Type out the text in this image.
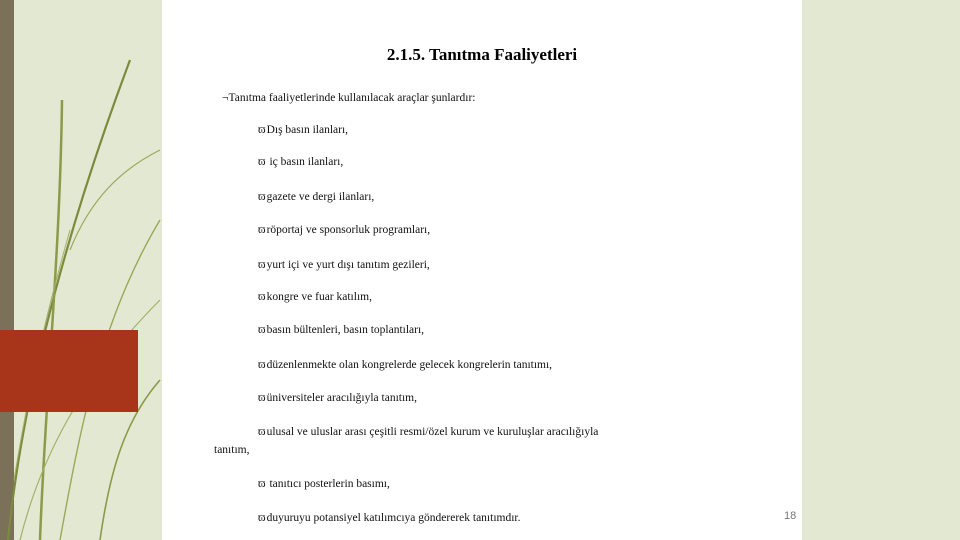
2.1.5. Tanıtma Faaliyetleri
¬Tanıtma faaliyetlerinde kullanılacak araçlar şunlardır:
ϖDış basın ilanları,
ϖ iç basın ilanları,
ϖgazete ve dergi ilanları,
ϖröportaj ve sponsorluk programları,
ϖyurt içi ve yurt dışı tanıtım gezileri,
ϖkongre ve fuar katılım,
ϖbasın bültenleri, basın toplantıları,
ϖdüzenlenmekte olan kongrelerde gelecek kongrelerin tanıtımı,
ϖüniversiteler aracılığıyla tanıtım,
ϖulusal ve uluslar arası çeşitli resmi/özel kurum ve kuruluşlar aracılığıyla
tanıtım,
ϖ tanıtıcı posterlerin basımı,
ϖduyuruyu potansiyel katılımcıya göndererek tanıtımdır.	18
